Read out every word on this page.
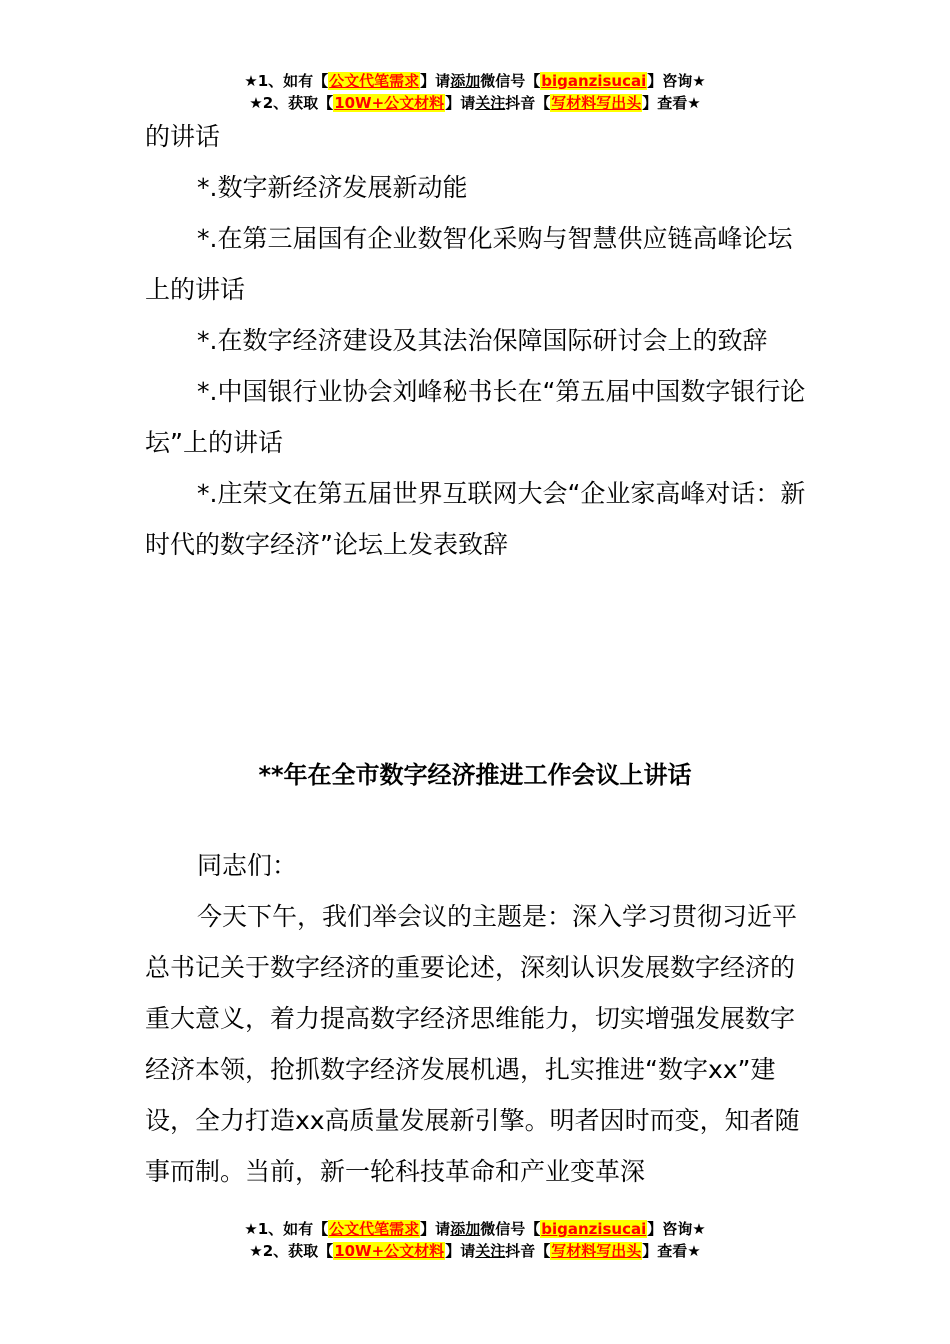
★1、如有【公文代笔需求】请添加微信号【biganzisucai】咨询★
★2、获取【10W+公文材料】请关注抖音【写材料写出头】查看★

的讲话

*.数字新经济发展新动能

*.在第三届国有企业数智化采购与智慧供应链高峰论坛上的讲话

*.在数字经济建设及其法治保障国际研讨会上的致辞

*.中国银行业协会刘峰秘书长在“第五届中国数字银行论坛”上的讲话

*.庄荣文在第五届世界互联网大会“企业家高峰对话：新时代的数字经济”论坛上发表致辞

**年在全市数字经济推进工作会议上讲话

同志们：

今天下午，我们举会议的主题是：深入学习贯彻习近平总书记关于数字经济的重要论述，深刻认识发展数字经济的重大意义，着力提高数字经济思维能力，切实增强发展数字经济本领，抢抓数字经济发展机遇，扎实推进“数字xx”建设，全力打造xx高质量发展新引擎。明者因时而变，知者随事而制。当前，新一轮科技革命和产业变革深

★1、如有【公文代笔需求】请添加微信号【biganzisucai】咨询★
★2、获取【10W+公文材料】请关注抖音【写材料写出头】查看★
